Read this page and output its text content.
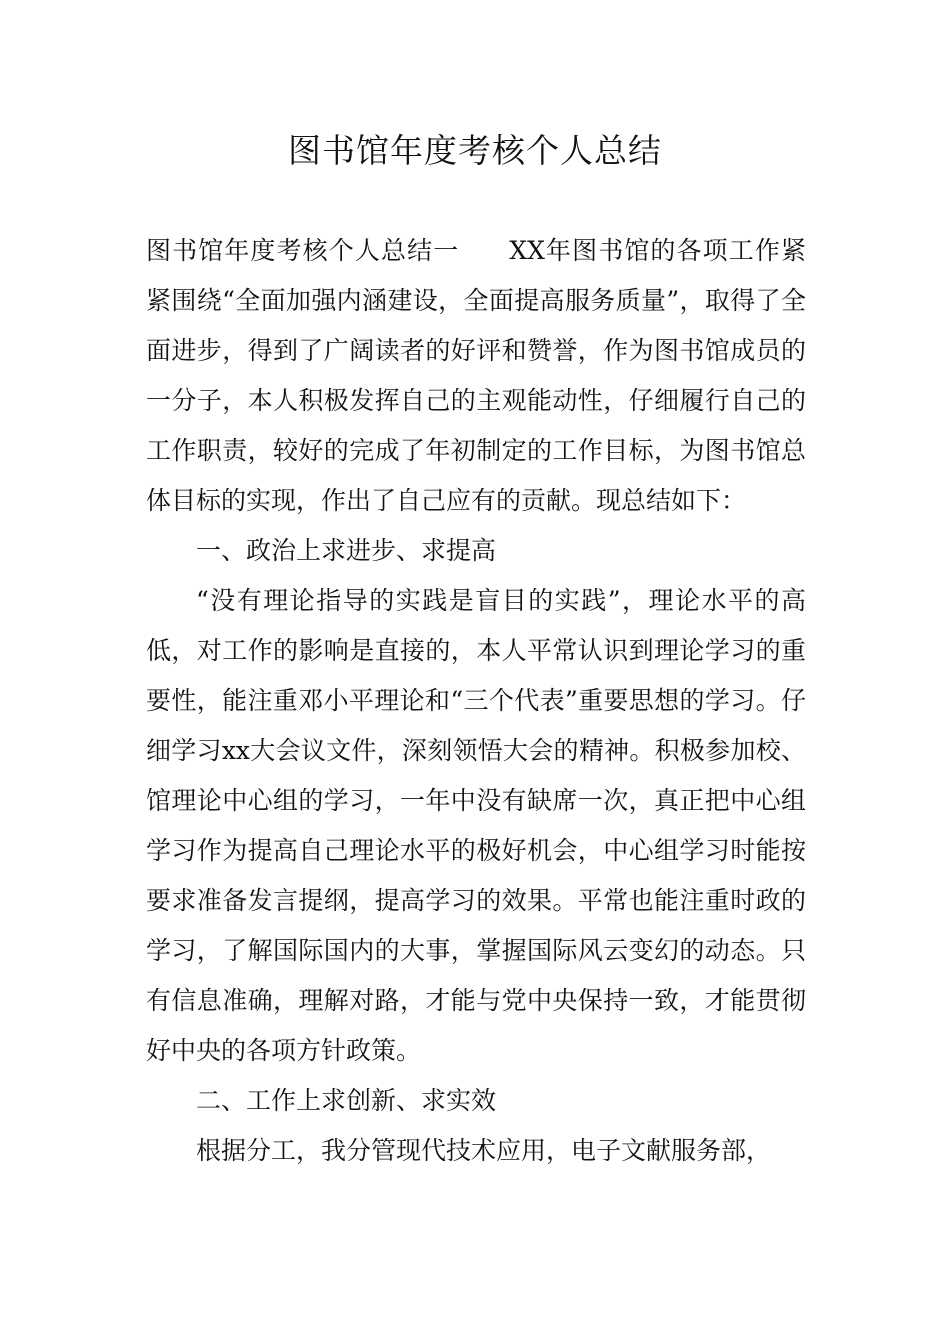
图书馆年度考核个人总结

图书馆年度考核个人总结一 XX年图书馆的各项工作紧紧围绕“全面加强内涵建设，全面提高服务质量”，取得了全面进步，得到了广阔读者的好评和赞誉，作为图书馆成员的一分子，本人积极发挥自己的主观能动性，仔细履行自己的工作职责，较好的完成了年初制定的工作目标，为图书馆总体目标的实现，作出了自己应有的贡献。现总结如下：

一、政治上求进步、求提高

“没有理论指导的实践是盲目的实践”，理论水平的高低，对工作的影响是直接的，本人平常认识到理论学习的重要性，能注重邓小平理论和“三个代表”重要思想的学习。仔细学习xx大会议文件，深刻领悟大会的精神。积极参加校、馆理论中心组的学习，一年中没有缺席一次，真正把中心组学习作为提高自己理论水平的极好机会，中心组学习时能按要求准备发言提纲，提高学习的效果。平常也能注重时政的学习，了解国际国内的大事，掌握国际风云变幻的动态。只有信息准确，理解对路，才能与党中央保持一致，才能贯彻好中央的各项方针政策。

二、工作上求创新、求实效

根据分工，我分管现代技术应用，电子文献服务部，
